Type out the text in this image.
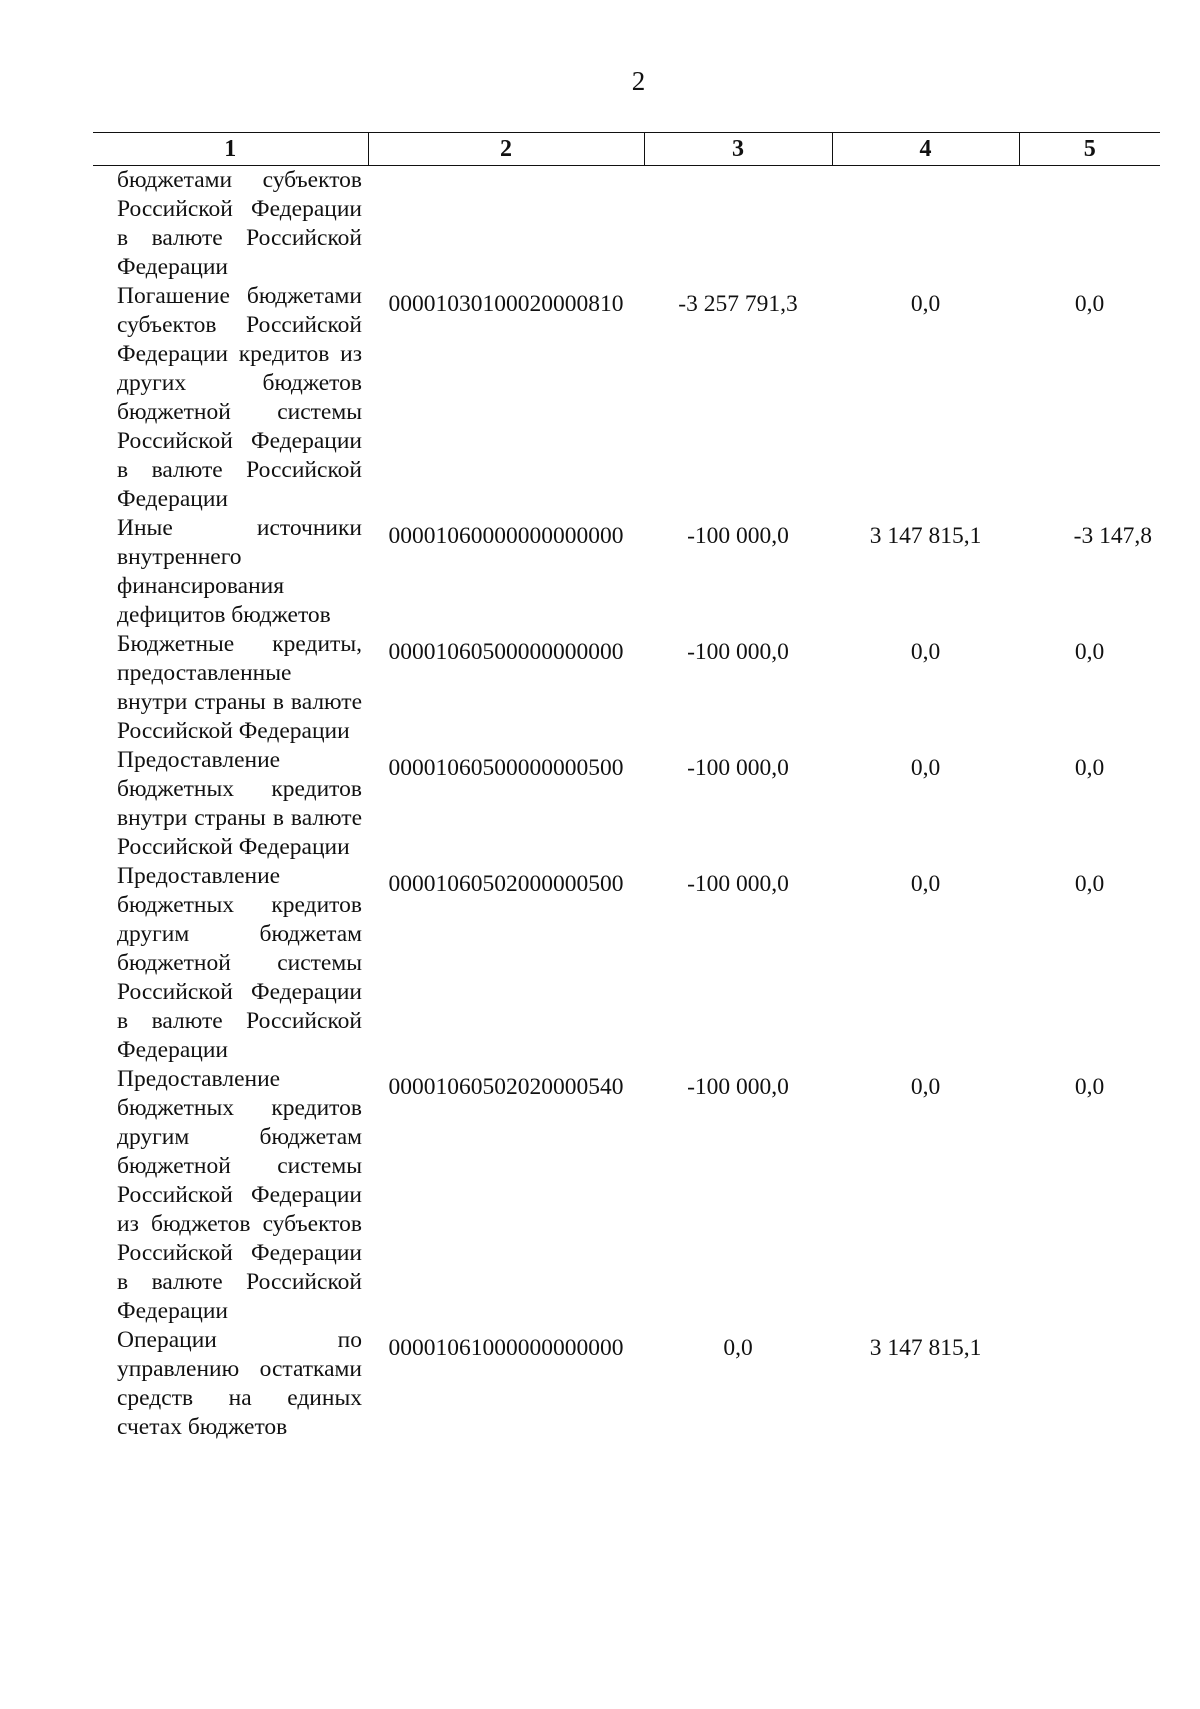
2
1	2	3	4	5
бюджетами субъектов Российской Федерации в валюте Российской Федерации	

Погашение бюджетами субъектов Российской Федерации кредитов из других бюджетов бюджетной системы Российской Федерации в валюте Российской Федерации	00001030100020000810	-3 257 791,3	0,0	0,0

Иные источники внутреннего финансирования дефицитов бюджетов	00001060000000000000	-100 000,0	3 147 815,1	-3 147,8

Бюджетные кредиты, предоставленные внутри страны в валюте Российской Федерации	00001060500000000000	-100 000,0	0,0	0,0

Предоставление бюджетных кредитов внутри страны в валюте Российской Федерации	00001060500000000500	-100 000,0	0,0	0,0

Предоставление бюджетных кредитов другим бюджетам бюджетной системы Российской Федерации в валюте Российской Федерации	00001060502000000500	-100 000,0	0,0	0,0

Предоставление бюджетных кредитов другим бюджетам бюджетной системы Российской Федерации из бюджетов субъектов Российской Федерации в валюте Российской Федерации	00001060502020000540	-100 000,0	0,0	0,0

Операции по управлению остатками средств на единых счетах бюджетов	00001061000000000000	0,0	3 147 815,1	
